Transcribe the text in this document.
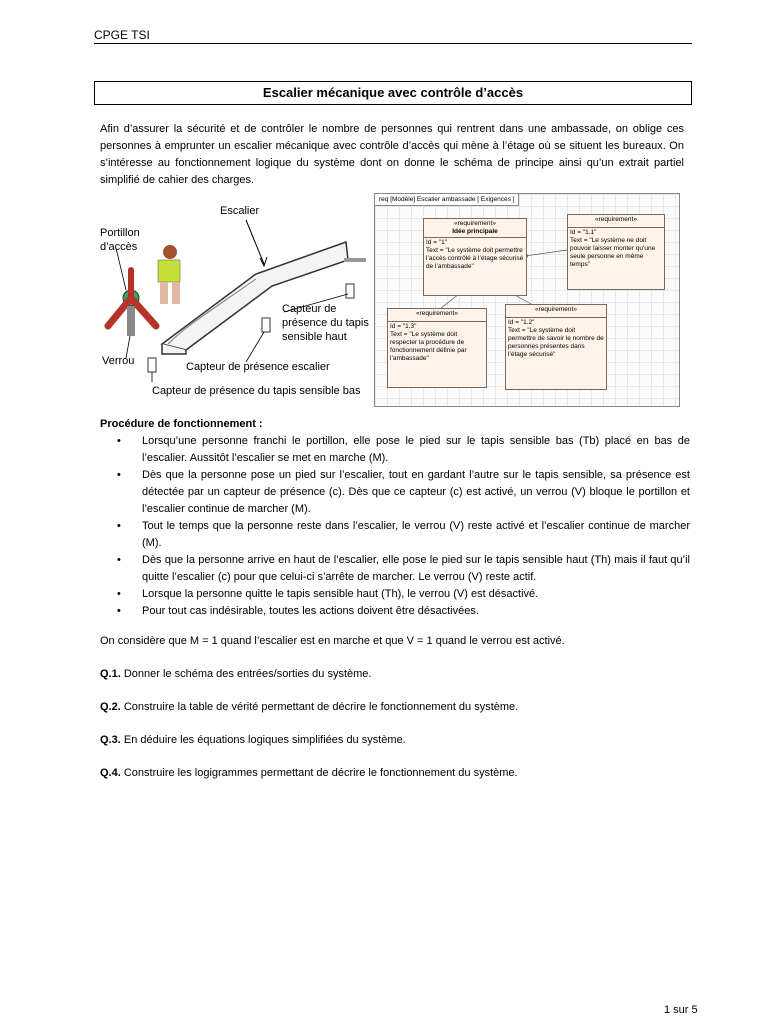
CPGE TSI
Escalier mécanique avec contrôle d’accès
Afin d’assurer la sécurité et de contrôler le nombre de personnes qui rentrent dans une ambassade, on oblige ces personnes à emprunter un escalier mécanique avec contrôle d’accès qui mène à l’étage où se situent les bureaux. On s’intéresse au fonctionnement logique du système dont on donne le schéma de principe ainsi qu’un extrait partiel simplifié de cahier des charges.
Escalier
Portillon d’accès
Verrou
Capteur de présence du tapis sensible haut
Capteur de présence escalier
Capteur de présence du tapis sensible bas
req [Modèle] Escalier ambassade [ Exigences ]
«requirement»
Idée principale
Id = "1"
Text = "Le système doit permettre l’accès contrôlé à l’étage sécurisé de l’ambassade"
«requirement»
Id = "1.1"
Text = "Le système ne doit pouvoir laisser monter qu’une seule personne en même temps"
«requirement»
Id = "1.3"
Text = "Le système doit respecter la procédure de fonctionnement définie par l’ambassade"
«requirement»
Id = "1.2"
Text = "Le système doit permettre de savoir le nombre de personnes présentes dans l’étage sécurisé"
Procédure de fonctionnement :
• Lorsqu’une personne franchi le portillon, elle pose le pied sur le tapis sensible bas (Tb) placé en bas de l’escalier. Aussitôt l’escalier se met en marche (M).
• Dès que la personne pose un pied sur l’escalier, tout en gardant l’autre sur le tapis sensible, sa présence est détectée par un capteur de présence (c). Dès que ce capteur (c) est activé, un verrou (V) bloque le portillon et l’escalier continue de marcher (M).
• Tout le temps que la personne reste dans l’escalier, le verrou (V) reste activé et l’escalier continue de marcher (M).
• Dès que la personne arrive en haut de l’escalier, elle pose le pied sur le tapis sensible haut (Th) mais il faut qu’il quitte l’escalier (c) pour que celui-ci s’arrête de marcher. Le verrou (V) reste actif.
• Lorsque la personne quitte le tapis sensible haut (Th), le verrou (V) est désactivé.
• Pour tout cas indésirable, toutes les actions doivent être désactivées.
On considère que M = 1 quand l’escalier est en marche et que V = 1 quand le verrou est activé.
Q.1. Donner le schéma des entrées/sorties du système.
Q.2. Construire la table de vérité permettant de décrire le fonctionnement du système.
Q.3. En déduire les équations logiques simplifiées du système.
Q.4. Construire les logigrammes permettant de décrire le fonctionnement du système.
1 sur 5
